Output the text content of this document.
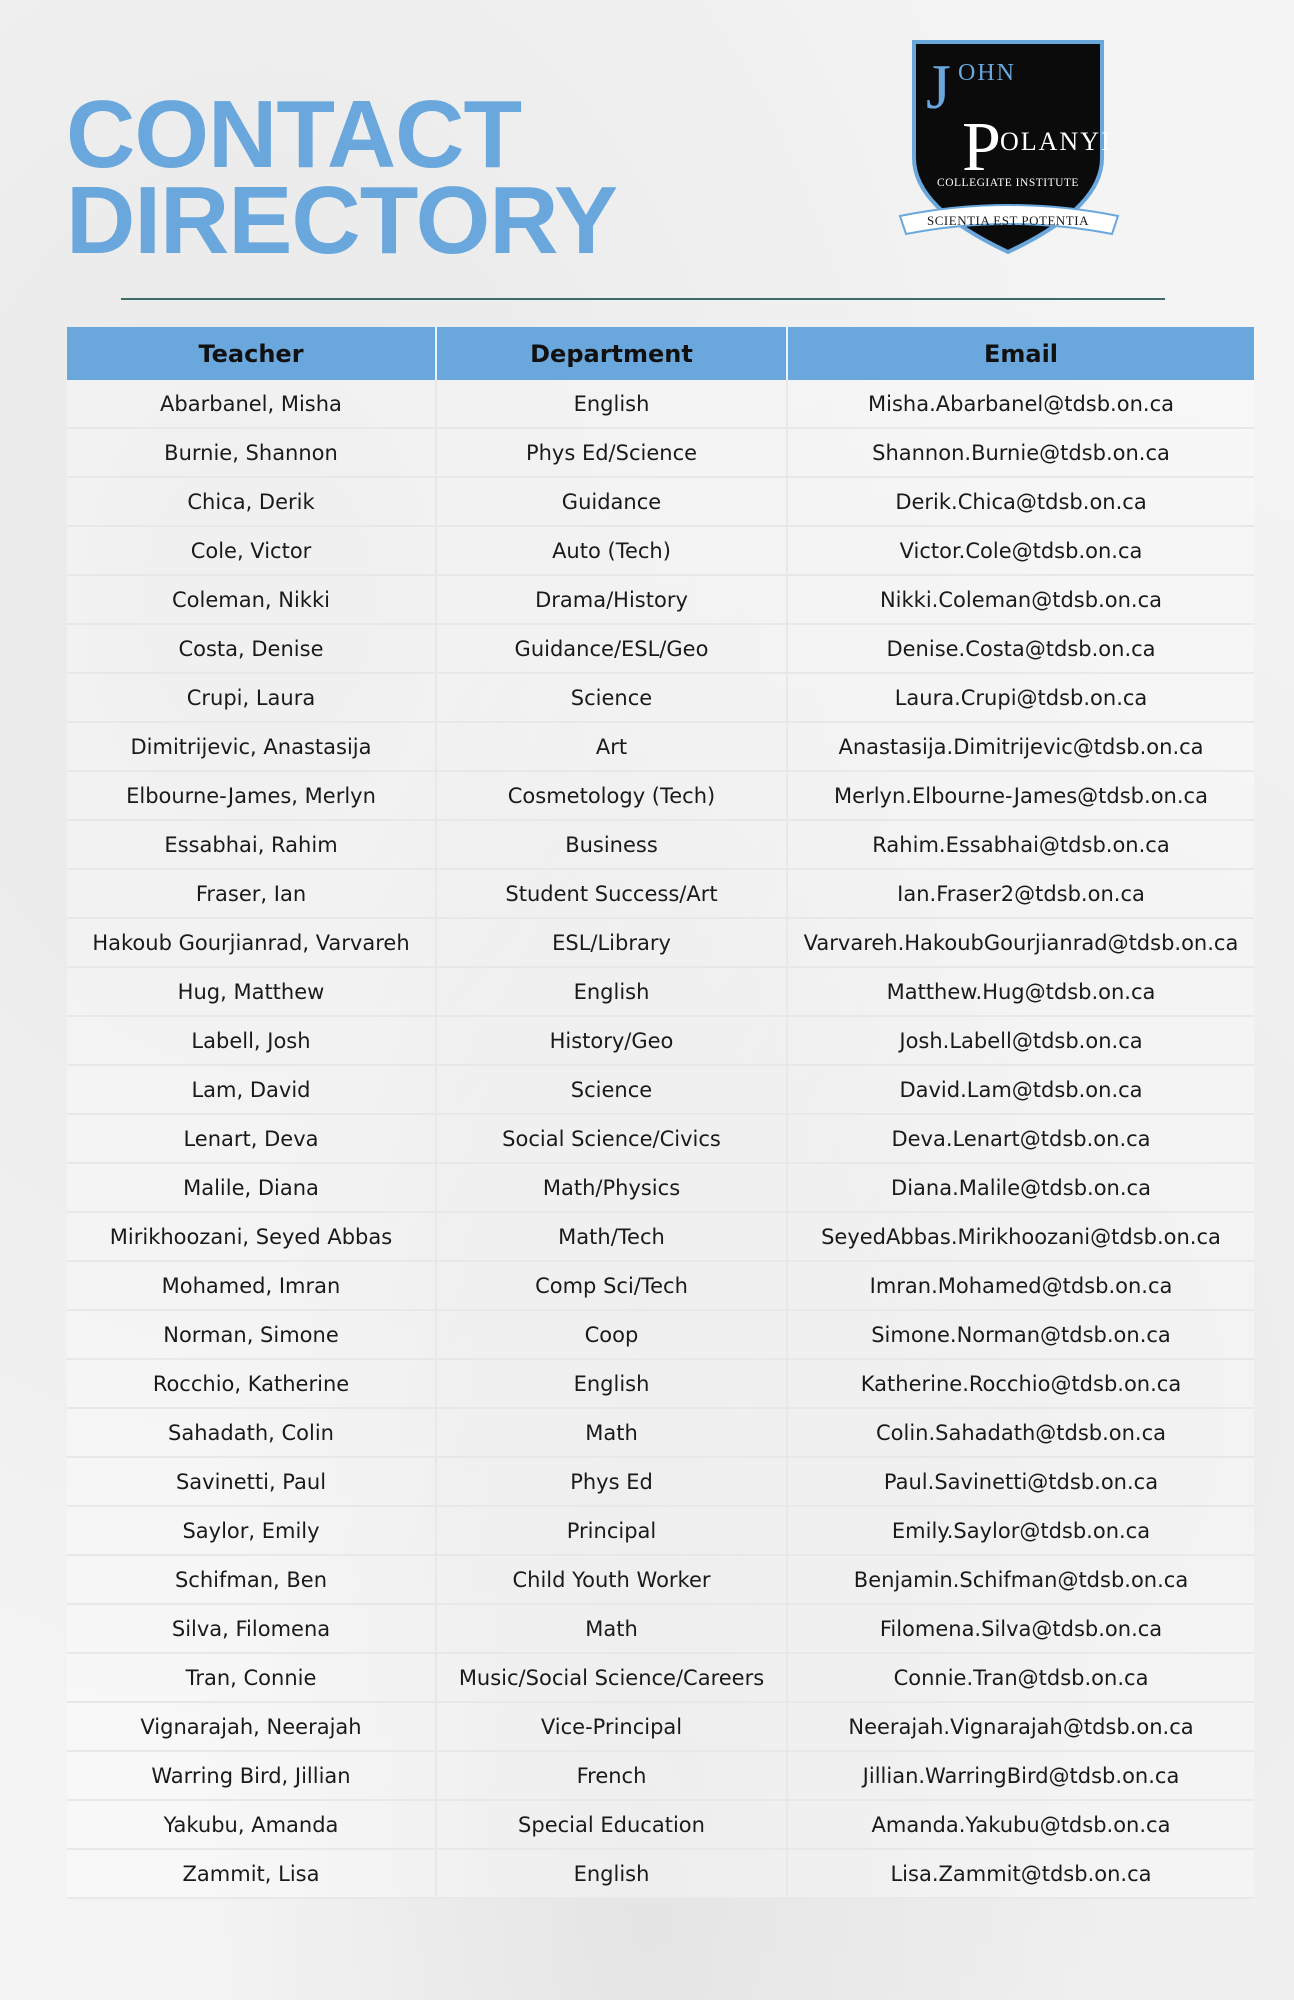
CONTACT
DIRECTORY
J OHN
P OLANYI
COLLEGIATE INSTITUTE
SCIENTIA EST POTENTIA
Teacher	Department	Email
Abarbanel, Misha	English	Misha.Abarbanel@tdsb.on.ca
Burnie, Shannon	Phys Ed/Science	Shannon.Burnie@tdsb.on.ca
Chica, Derik	Guidance	Derik.Chica@tdsb.on.ca
Cole, Victor	Auto (Tech)	Victor.Cole@tdsb.on.ca
Coleman, Nikki	Drama/History	Nikki.Coleman@tdsb.on.ca
Costa, Denise	Guidance/ESL/Geo	Denise.Costa@tdsb.on.ca
Crupi, Laura	Science	Laura.Crupi@tdsb.on.ca
Dimitrijevic, Anastasija	Art	Anastasija.Dimitrijevic@tdsb.on.ca
Elbourne-James, Merlyn	Cosmetology (Tech)	Merlyn.Elbourne-James@tdsb.on.ca
Essabhai, Rahim	Business	Rahim.Essabhai@tdsb.on.ca
Fraser, Ian	Student Success/Art	Ian.Fraser2@tdsb.on.ca
Hakoub Gourjianrad, Varvareh	ESL/Library	Varvareh.HakoubGourjianrad@tdsb.on.ca
Hug, Matthew	English	Matthew.Hug@tdsb.on.ca
Labell, Josh	History/Geo	Josh.Labell@tdsb.on.ca
Lam, David	Science	David.Lam@tdsb.on.ca
Lenart, Deva	Social Science/Civics	Deva.Lenart@tdsb.on.ca
Malile, Diana	Math/Physics	Diana.Malile@tdsb.on.ca
Mirikhoozani, Seyed Abbas	Math/Tech	SeyedAbbas.Mirikhoozani@tdsb.on.ca
Mohamed, Imran	Comp Sci/Tech	Imran.Mohamed@tdsb.on.ca
Norman, Simone	Coop	Simone.Norman@tdsb.on.ca
Rocchio, Katherine	English	Katherine.Rocchio@tdsb.on.ca
Sahadath, Colin	Math	Colin.Sahadath@tdsb.on.ca
Savinetti, Paul	Phys Ed	Paul.Savinetti@tdsb.on.ca
Saylor, Emily	Principal	Emily.Saylor@tdsb.on.ca
Schifman, Ben	Child Youth Worker	Benjamin.Schifman@tdsb.on.ca
Silva, Filomena	Math	Filomena.Silva@tdsb.on.ca
Tran, Connie	Music/Social Science/Careers	Connie.Tran@tdsb.on.ca
Vignarajah, Neerajah	Vice-Principal	Neerajah.Vignarajah@tdsb.on.ca
Warring Bird, Jillian	French	Jillian.WarringBird@tdsb.on.ca
Yakubu, Amanda	Special Education	Amanda.Yakubu@tdsb.on.ca
Zammit, Lisa	English	Lisa.Zammit@tdsb.on.ca
